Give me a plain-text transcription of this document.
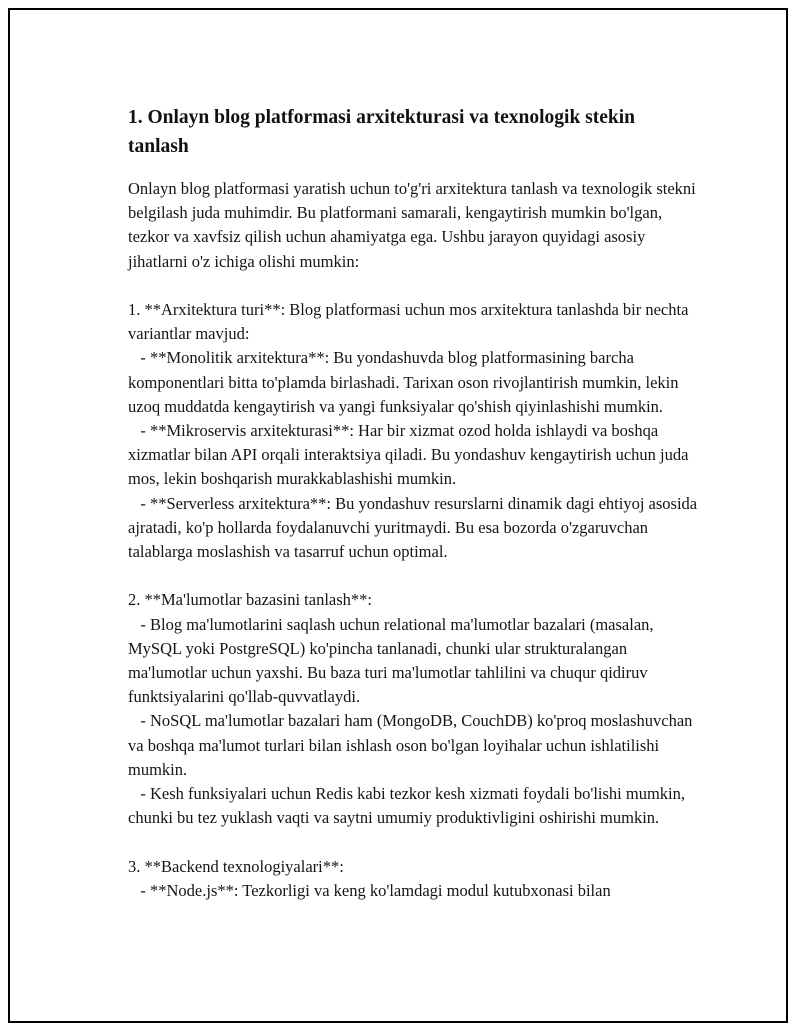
1. Onlayn blog platformasi arxitekturasi va texnologik stekin tanlash

Onlayn blog platformasi yaratish uchun to'g'ri arxitektura tanlash va texnologik stekni belgilash juda muhimdir. Bu platformani samarali, kengaytirish mumkin bo'lgan, tezkor va xavfsiz qilish uchun ahamiyatga ega. Ushbu jarayon quyidagi asosiy jihatlarni o'z ichiga olishi mumkin:

1. **Arxitektura turi**: Blog platformasi uchun mos arxitektura tanlashda bir nechta variantlar mavjud:
- **Monolitik arxitektura**: Bu yondashuvda blog platformasining barcha komponentlari bitta to'plamda birlashadi. Tarixan oson rivojlantirish mumkin, lekin uzoq muddatda kengaytirish va yangi funksiyalar qo'shish qiyinlashishi mumkin.
- **Mikroservis arxitekturasi**: Har bir xizmat ozod holda ishlaydi va boshqa xizmatlar bilan API orqali interaktsiya qiladi. Bu yondashuv kengaytirish uchun juda mos, lekin boshqarish murakkablashishi mumkin.
- **Serverless arxitektura**: Bu yondashuv resurslarni dinamik dagi ehtiyoj asosida ajratadi, ko'p hollarda foydalanuvchi yuritmaydi. Bu esa bozorda o'zgaruvchan talablarga moslashish va tasarruf uchun optimal.

2. **Ma'lumotlar bazasini tanlash**:
- Blog ma'lumotlarini saqlash uchun relational ma'lumotlar bazalari (masalan, MySQL yoki PostgreSQL) ko'pincha tanlanadi, chunki ular strukturalangan ma'lumotlar uchun yaxshi. Bu baza turi ma'lumotlar tahlilini va chuqur qidiruv funktsiyalarini qo'llab-quvvatlaydi.
- NoSQL ma'lumotlar bazalari ham (MongoDB, CouchDB) ko'proq moslashuvchan va boshqa ma'lumot turlari bilan ishlash oson bo'lgan loyihalar uchun ishlatilishi mumkin.
- Kesh funksiyalari uchun Redis kabi tezkor kesh xizmati foydali bo'lishi mumkin, chunki bu tez yuklash vaqti va saytni umumiy produktivligini oshirishi mumkin.

3. **Backend texnologiyalari**:
- **Node.js**: Tezkorligi va keng ko'lamdagi modul kutubxonasi bilan
